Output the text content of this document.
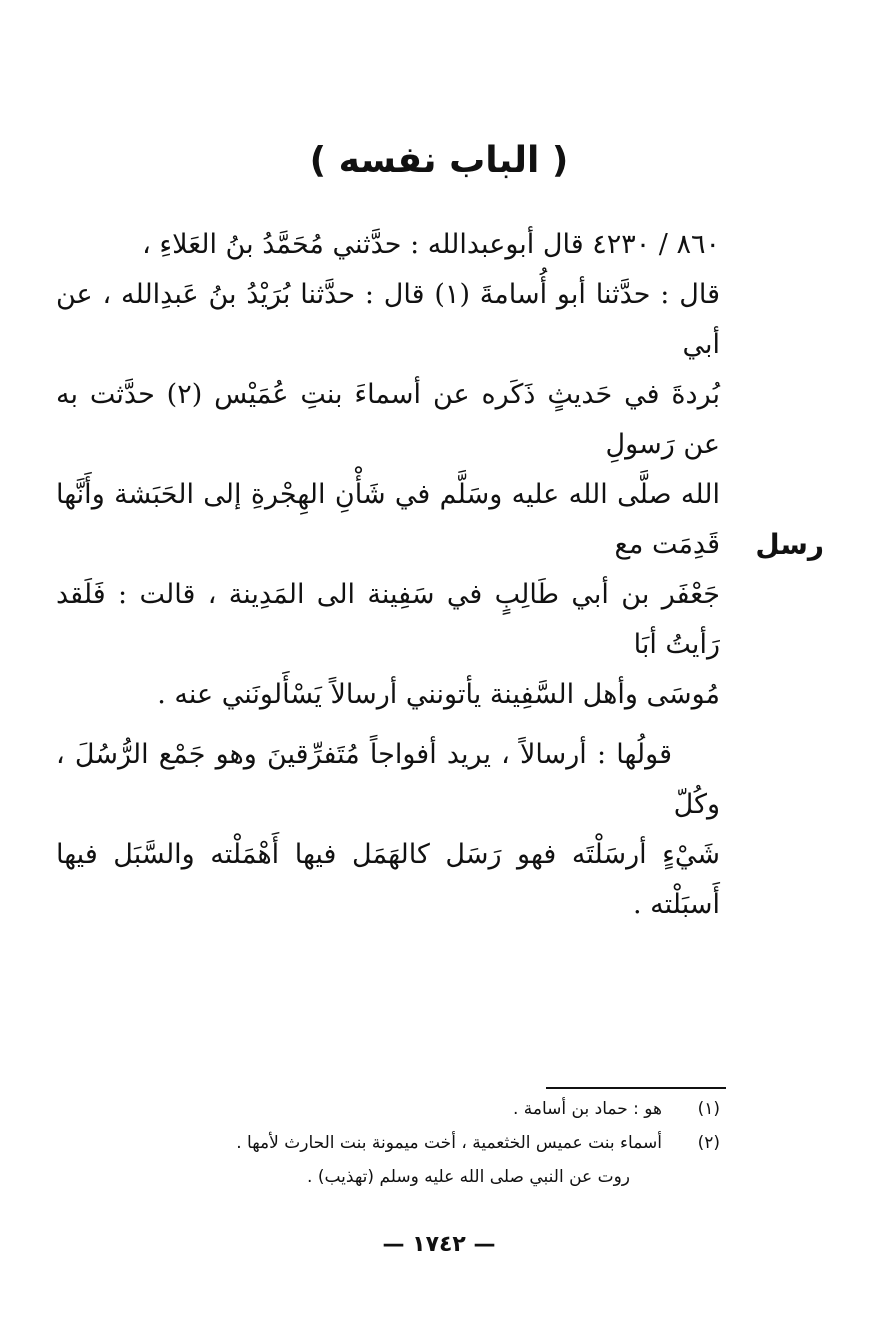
( الباب نفسه )
رسل

٨٦٠ / ٤٢٣٠ قال أبوعبدالله : حدَّثني مُحَمَّدُ بنُ العَلاءِ ،
قال : حدَّثنا أبو أُسامةَ (١) قال : حدَّثنا بُرَيْدُ بنُ عَبدِالله ، عن أبي
بُردةَ في حَديثٍ ذَكَره عن أسماءَ بنتِ عُمَيْس (٢) حدَّثت به عن رَسولِ
الله صلَّى الله عليه وسَلَّم في شَأْنِ الهِجْرةِ إلى الحَبَشة وأَنَّها قَدِمَت مع
جَعْفَر بن أبي طَالِبٍ في سَفِينة الى المَدِينة ، قالت : فَلَقد رَأيتُ أبَا
مُوسَى وأهل السَّفِينة يأتونني أرسالاً يَسْأَلونَني عنه .

قولُها : أرسالاً ، يريد أفواجاً مُتَفرِّقينَ وهو جَمْع الرُّسُلَ ، وكُلّ
شَيْءٍ أرسَلْتَه فهو رَسَل كالهَمَل فيها أَهْمَلْته والسَّبَل فيها أَسبَلْته .

(١)
هو : حماد بن أسامة .
(٢)
أسماء بنت عميس الخثعمية ، أخت ميمونة بنت الحارث لأمها .
روت عن النبي صلى الله عليه وسلم (تهذيب) .
— ١٧٤٢ —
